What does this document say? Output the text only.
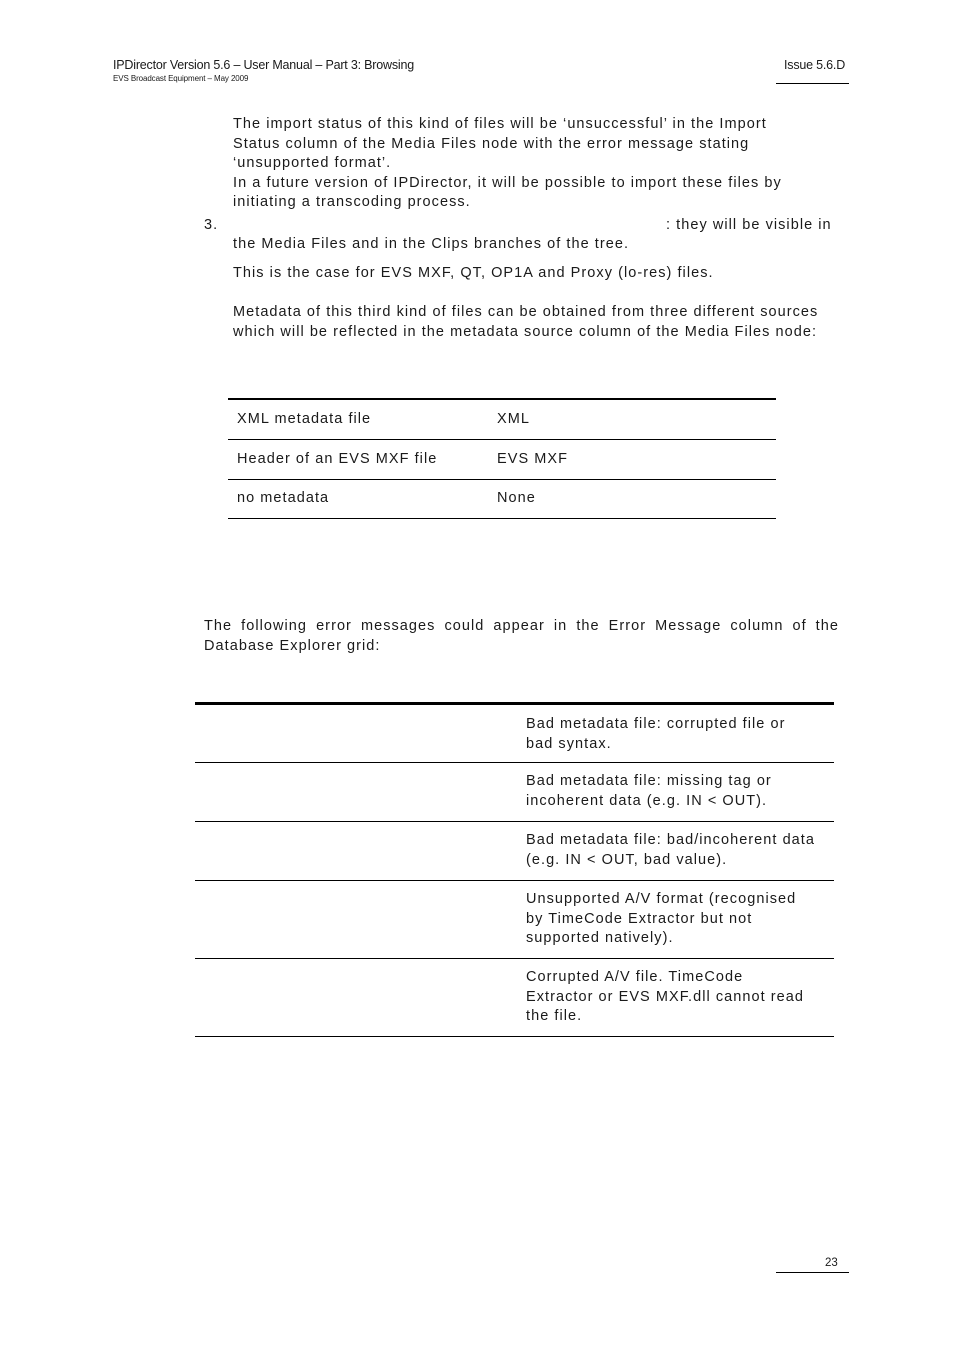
IPDirector Version 5.6 – User Manual – Part 3: Browsing
EVS Broadcast Equipment – May 2009
Issue 5.6.D
The import status of this kind of files will be ‘unsuccessful’ in the Import
Status column of the Media Files node with the error message stating
‘unsupported format’.
In a future version of IPDirector, it will be possible to import these files by
initiating a transcoding process.
3.	: they will be visible in
the Media Files and in the Clips branches of the tree.
This is the case for EVS MXF, QT, OP1A and Proxy (lo-res) files.
Metadata of this third kind of files can be obtained from three different sources
which will be reflected in the metadata source column of the Media Files node:
XML metadata file	XML
Header of an EVS MXF file	EVS MXF
no metadata	None
The following error messages could appear in the Error Message column of the
Database Explorer grid:

	Bad metadata file: corrupted file or
bad syntax.

	Bad metadata file: missing tag or
incoherent data (e.g. IN < OUT).

	Bad metadata file: bad/incoherent data
(e.g. IN < OUT, bad value).

	Unsupported A/V format (recognised
by TimeCode Extractor but not
supported natively).

	Corrupted A/V file. TimeCode
Extractor or EVS MXF.dll cannot read
the file.
23
